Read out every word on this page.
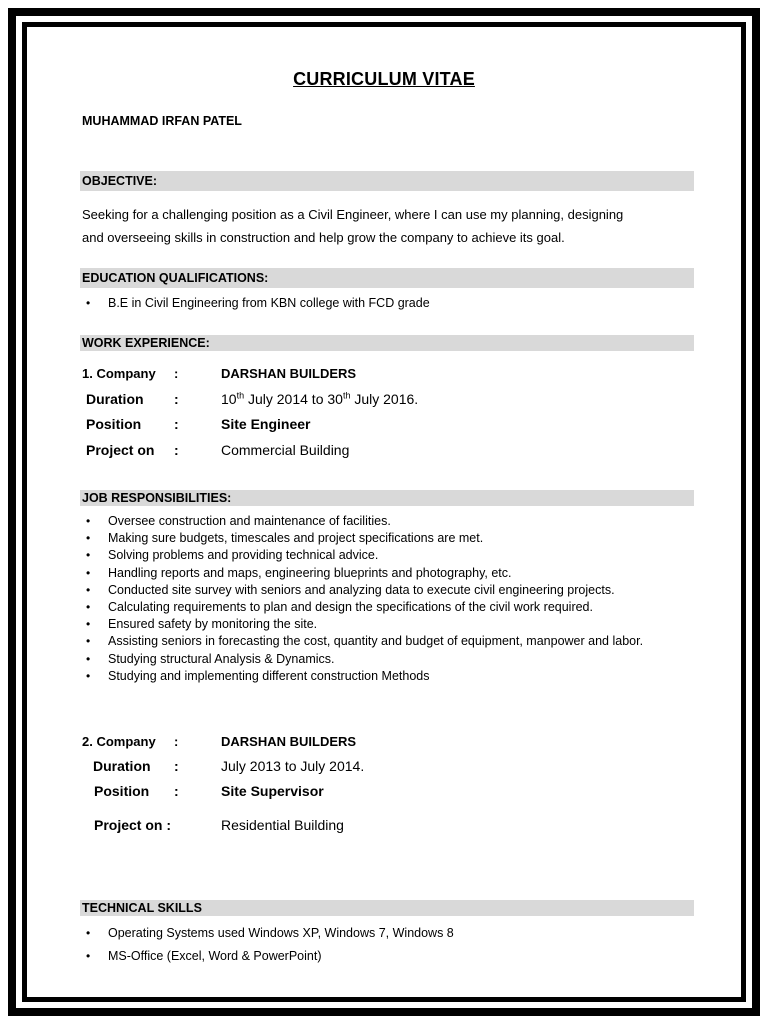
CURRICULUM VITAE
MUHAMMAD IRFAN PATEL
OBJECTIVE:
Seeking for a challenging position as a Civil Engineer, where I can use my planning, designing
and overseeing skills in construction and help grow the company to achieve its goal.
EDUCATION QUALIFICATIONS:
• B.E in Civil Engineering from KBN college with FCD grade
WORK EXPERIENCE:
1. Company :	DARSHAN BUILDERS
Duration :	10th July 2014 to 30th July 2016.
Position :	Site Engineer
Project on :	Commercial Building
JOB RESPONSIBILITIES:
• Oversee construction and maintenance of facilities.
• Making sure budgets, timescales and project specifications are met.
• Solving problems and providing technical advice.
• Handling reports and maps, engineering blueprints and photography, etc.
• Conducted site survey with seniors and analyzing data to execute civil engineering projects.
• Calculating requirements to plan and design the specifications of the civil work required.
• Ensured safety by monitoring the site.
• Assisting seniors in forecasting the cost, quantity and budget of equipment, manpower and labor.
• Studying structural Analysis & Dynamics.
• Studying and implementing different construction Methods
2. Company :	DARSHAN BUILDERS
Duration :	July 2013 to July 2014.
Position :	Site Supervisor
Project on :	Residential Building
TECHNICAL SKILLS
• Operating Systems used Windows XP, Windows 7, Windows 8
• MS-Office (Excel, Word & PowerPoint)
